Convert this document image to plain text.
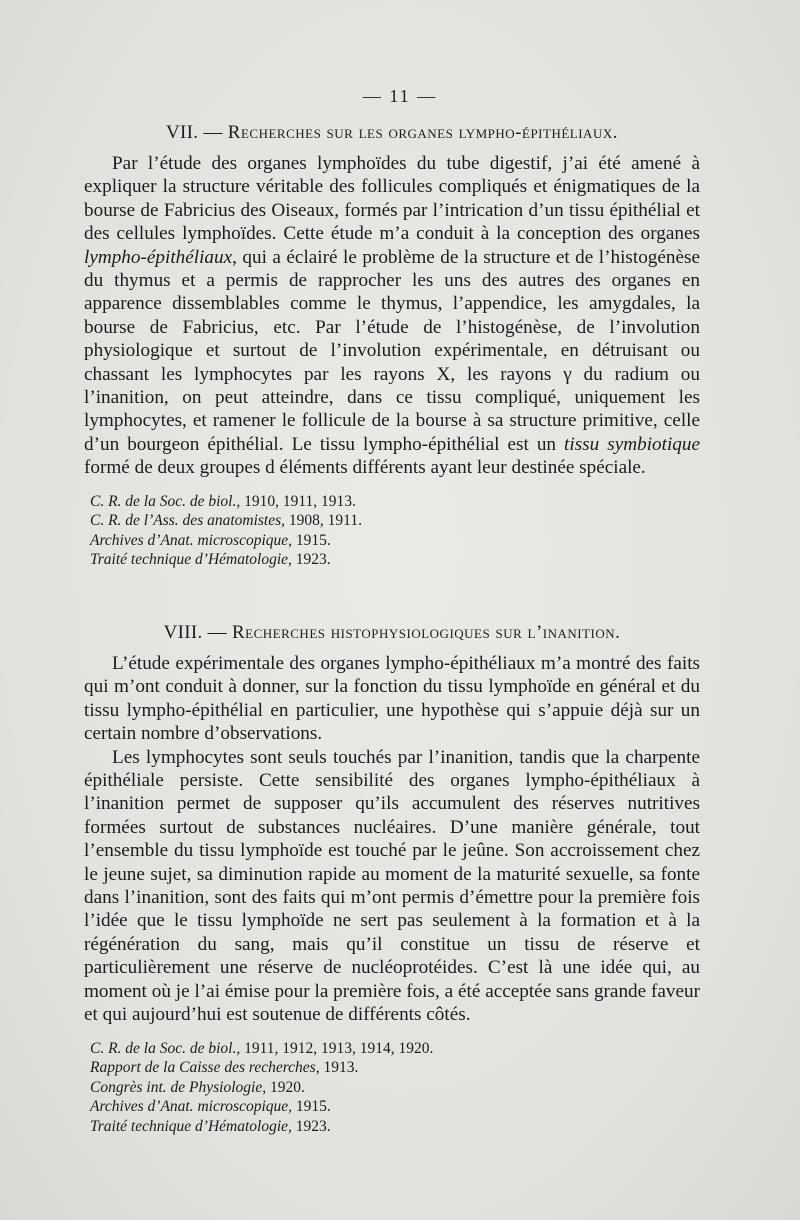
— 11 —
VII. — Recherches sur les organes lympho-épithéliaux.

Par l’étude des organes lymphoïdes du tube digestif, j’ai été amené à expliquer la structure véritable des follicules compliqués et énigmatiques de la bourse de Fabricius des Oiseaux, formés par l’intrication d’un tissu épithélial et des cellules lymphoïdes. Cette étude m’a conduit à la conception des organes lympho-épithéliaux, qui a éclairé le problème de la structure et de l’histogénèse du thymus et a permis de rapprocher les uns des autres des organes en apparence dissemblables comme le thymus, l’appendice, les amygdales, la bourse de Fabricius, etc. Par l’étude de l’histogénèse, de l’involution physiologique et surtout de l’involution expérimentale, en détruisant ou chassant les lymphocytes par les rayons X, les rayons γ du radium ou l’inanition, on peut atteindre, dans ce tissu compliqué, uniquement les lymphocytes, et ramener le follicule de la bourse à sa structure primitive, celle d’un bourgeon épithélial. Le tissu lympho-épithélial est un tissu symbiotique formé de deux groupes d éléments différents ayant leur destinée spéciale.

C. R. de la Soc. de biol., 1910, 1911, 1913.
C. R. de l’Ass. des anatomistes, 1908, 1911.
Archives d’Anat. microscopique, 1915.
Traité technique d’Hématologie, 1923.
VIII. — Recherches histophysiologiques sur l’inanition.

L’étude expérimentale des organes lympho-épithéliaux m’a montré des faits qui m’ont conduit à donner, sur la fonction du tissu lymphoïde en général et du tissu lympho-épithélial en particulier, une hypothèse qui s’appuie déjà sur un certain nombre d’observations.

Les lymphocytes sont seuls touchés par l’inanition, tandis que la charpente épithéliale persiste. Cette sensibilité des organes lympho-épithéliaux à l’inanition permet de supposer qu’ils accumulent des réserves nutritives formées surtout de substances nucléaires. D’une manière générale, tout l’ensemble du tissu lymphoïde est touché par le jeûne. Son accroissement chez le jeune sujet, sa diminution rapide au moment de la maturité sexuelle, sa fonte dans l’inanition, sont des faits qui m’ont permis d’émettre pour la première fois l’idée que le tissu lymphoïde ne sert pas seulement à la formation et à la régénération du sang, mais qu’il constitue un tissu de réserve et particulièrement une réserve de nucléoprotéides. C’est là une idée qui, au moment où je l’ai émise pour la première fois, a été acceptée sans grande faveur et qui aujourd’hui est soutenue de différents côtés.

C. R. de la Soc. de biol., 1911, 1912, 1913, 1914, 1920.
Rapport de la Caisse des recherches, 1913.
Congrès int. de Physiologie, 1920.
Archives d’Anat. microscopique, 1915.
Traité technique d’Hématologie, 1923.
